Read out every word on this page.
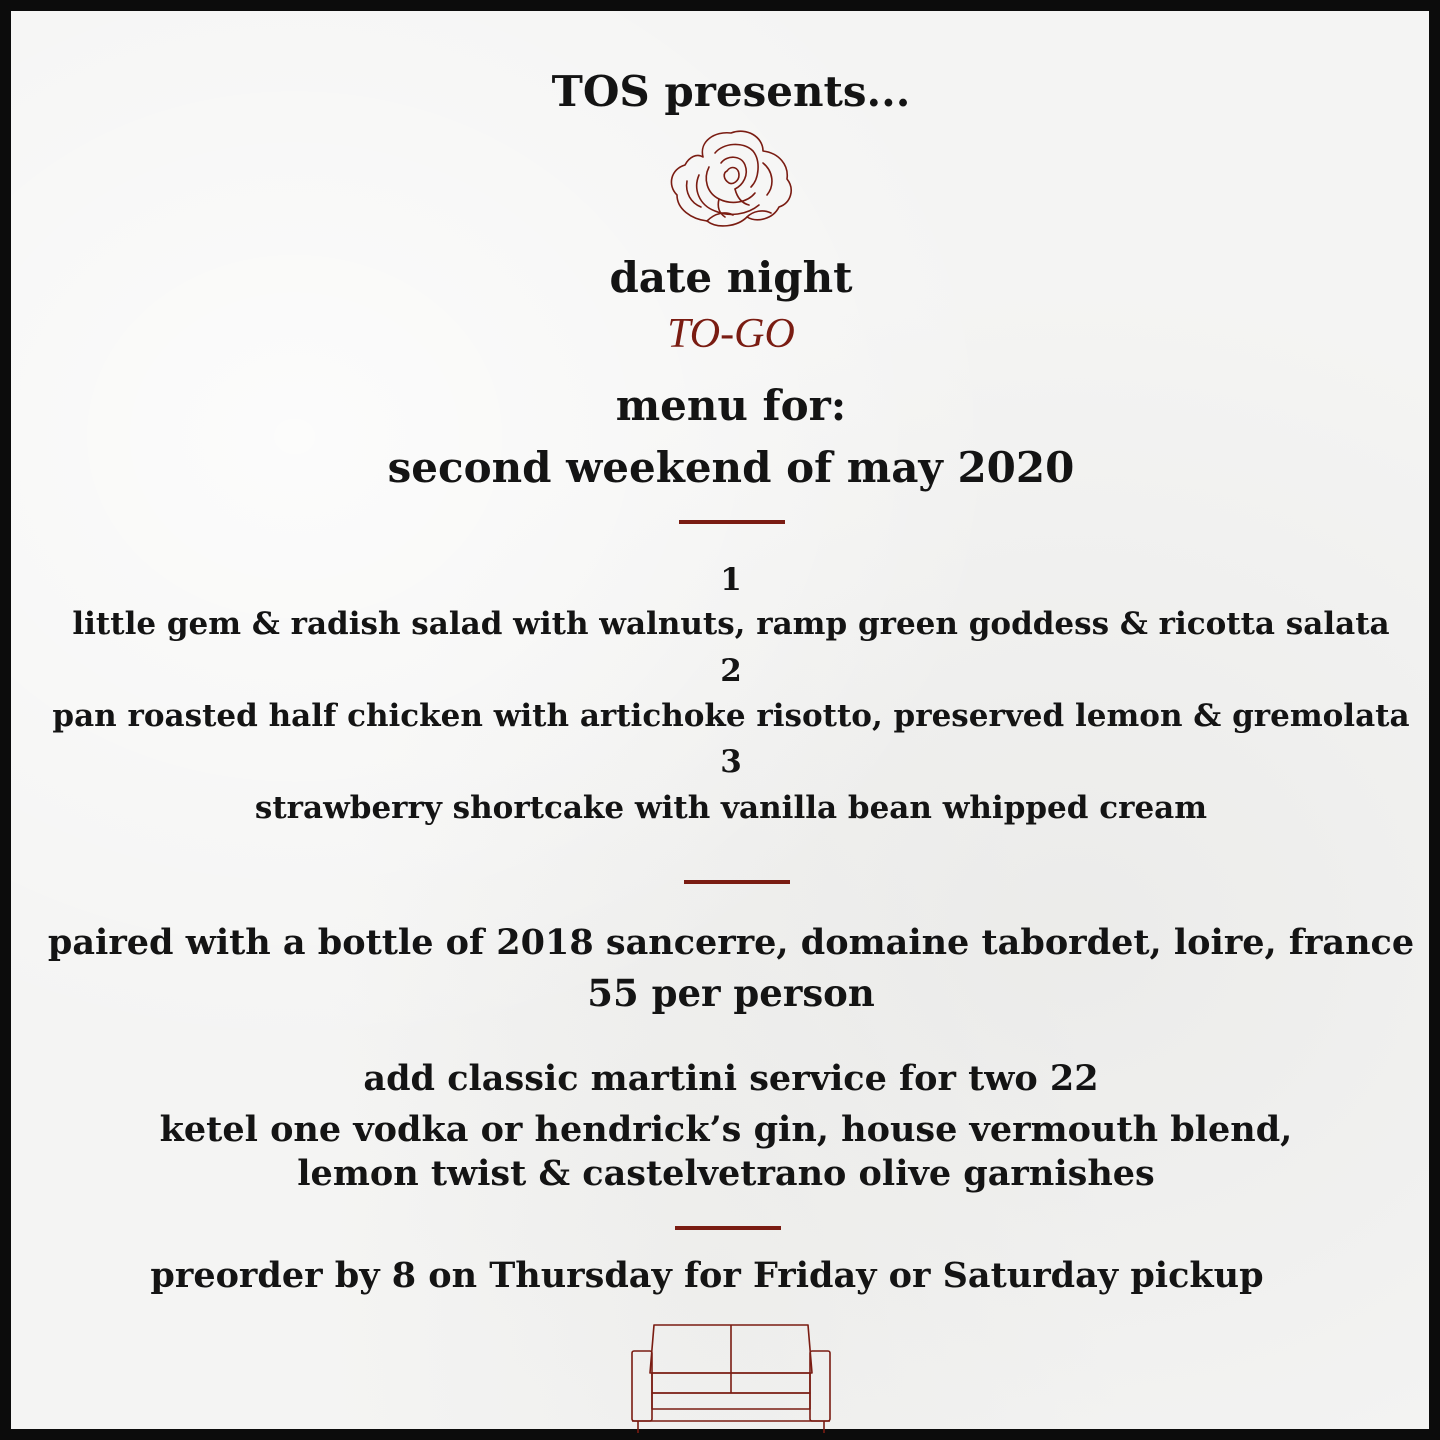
TOS presents...
date night
TO-GO
menu for:
second weekend of may 2020
1
little gem & radish salad with walnuts, ramp green goddess & ricotta salata
2
pan roasted half chicken with artichoke risotto, preserved lemon & gremolata
3
strawberry shortcake with vanilla bean whipped cream
paired with a bottle of 2018 sancerre, domaine tabordet, loire, france
55 per person
add classic martini service for two 22
ketel one vodka or hendrick’s gin, house vermouth blend,
lemon twist & castelvetrano olive garnishes
preorder by 8 on Thursday for Friday or Saturday pickup
